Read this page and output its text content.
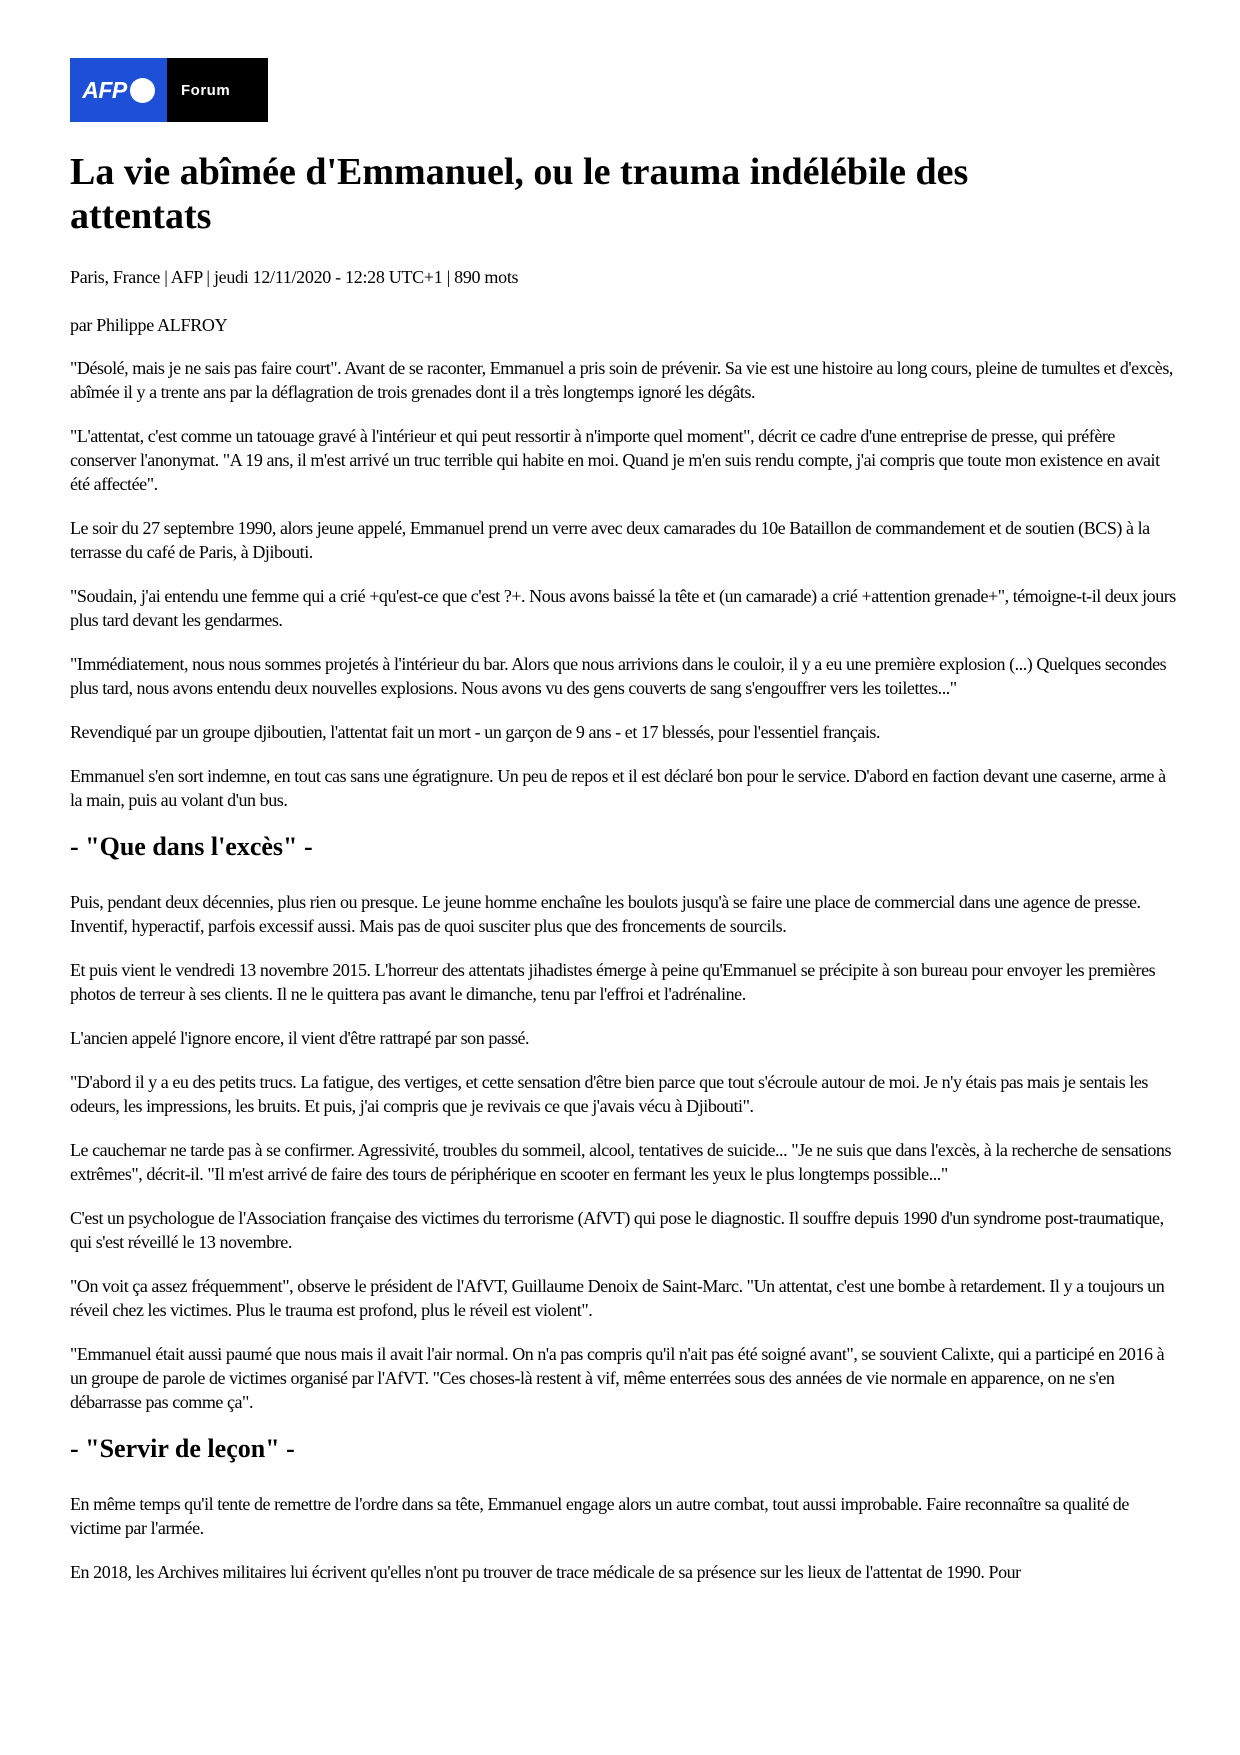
AFP	Forum
La vie abîmée d'Emmanuel, ou le trauma indélébile des attentats
Paris, France | AFP | jeudi 12/11/2020 - 12:28 UTC+1 | 890 mots
par Philippe ALFROY

"Désolé, mais je ne sais pas faire court". Avant de se raconter, Emmanuel a pris soin de prévenir. Sa vie est une histoire au long cours, pleine de tumultes et d'excès, abîmée il y a trente ans par la déflagration de trois grenades dont il a très longtemps ignoré les dégâts.

"L'attentat, c'est comme un tatouage gravé à l'intérieur et qui peut ressortir à n'importe quel moment", décrit ce cadre d'une entreprise de presse, qui préfère conserver l'anonymat. "A 19 ans, il m'est arrivé un truc terrible qui habite en moi. Quand je m'en suis rendu compte, j'ai compris que toute mon existence en avait été affectée".

Le soir du 27 septembre 1990, alors jeune appelé, Emmanuel prend un verre avec deux camarades du 10e Bataillon de commandement et de soutien (BCS) à la terrasse du café de Paris, à Djibouti.

"Soudain, j'ai entendu une femme qui a crié +qu'est-ce que c'est ?+. Nous avons baissé la tête et (un camarade) a crié +attention grenade+", témoigne-t-il deux jours plus tard devant les gendarmes.

"Immédiatement, nous nous sommes projetés à l'intérieur du bar. Alors que nous arrivions dans le couloir, il y a eu une première explosion (...) Quelques secondes plus tard, nous avons entendu deux nouvelles explosions. Nous avons vu des gens couverts de sang s'engouffrer vers les toilettes..."

Revendiqué par un groupe djiboutien, l'attentat fait un mort - un garçon de 9 ans - et 17 blessés, pour l'essentiel français.

Emmanuel s'en sort indemne, en tout cas sans une égratignure. Un peu de repos et il est déclaré bon pour le service. D'abord en faction devant une caserne, arme à la main, puis au volant d'un bus.

- "Que dans l'excès" -

Puis, pendant deux décennies, plus rien ou presque. Le jeune homme enchaîne les boulots jusqu'à se faire une place de commercial dans une agence de presse. Inventif, hyperactif, parfois excessif aussi. Mais pas de quoi susciter plus que des froncements de sourcils.

Et puis vient le vendredi 13 novembre 2015. L'horreur des attentats jihadistes émerge à peine qu'Emmanuel se précipite à son bureau pour envoyer les premières photos de terreur à ses clients. Il ne le quittera pas avant le dimanche, tenu par l'effroi et l'adrénaline.

L'ancien appelé l'ignore encore, il vient d'être rattrapé par son passé.

"D'abord il y a eu des petits trucs. La fatigue, des vertiges, et cette sensation d'être bien parce que tout s'écroule autour de moi. Je n'y étais pas mais je sentais les odeurs, les impressions, les bruits. Et puis, j'ai compris que je revivais ce que j'avais vécu à Djibouti".

Le cauchemar ne tarde pas à se confirmer. Agressivité, troubles du sommeil, alcool, tentatives de suicide... "Je ne suis que dans l'excès, à la recherche de sensations extrêmes", décrit-il. "Il m'est arrivé de faire des tours de périphérique en scooter en fermant les yeux le plus longtemps possible..."

C'est un psychologue de l'Association française des victimes du terrorisme (AfVT) qui pose le diagnostic. Il souffre depuis 1990 d'un syndrome post-traumatique, qui s'est réveillé le 13 novembre.

"On voit ça assez fréquemment", observe le président de l'AfVT, Guillaume Denoix de Saint-Marc. "Un attentat, c'est une bombe à retardement. Il y a toujours un réveil chez les victimes. Plus le trauma est profond, plus le réveil est violent".

"Emmanuel était aussi paumé que nous mais il avait l'air normal. On n'a pas compris qu'il n'ait pas été soigné avant", se souvient Calixte, qui a participé en 2016 à un groupe de parole de victimes organisé par l'AfVT. "Ces choses-là restent à vif, même enterrées sous des années de vie normale en apparence, on ne s'en débarrasse pas comme ça".

- "Servir de leçon" -

En même temps qu'il tente de remettre de l'ordre dans sa tête, Emmanuel engage alors un autre combat, tout aussi improbable. Faire reconnaître sa qualité de victime par l'armée.

En 2018, les Archives militaires lui écrivent qu'elles n'ont pu trouver de trace médicale de sa présence sur les lieux de l'attentat de 1990. Pour
